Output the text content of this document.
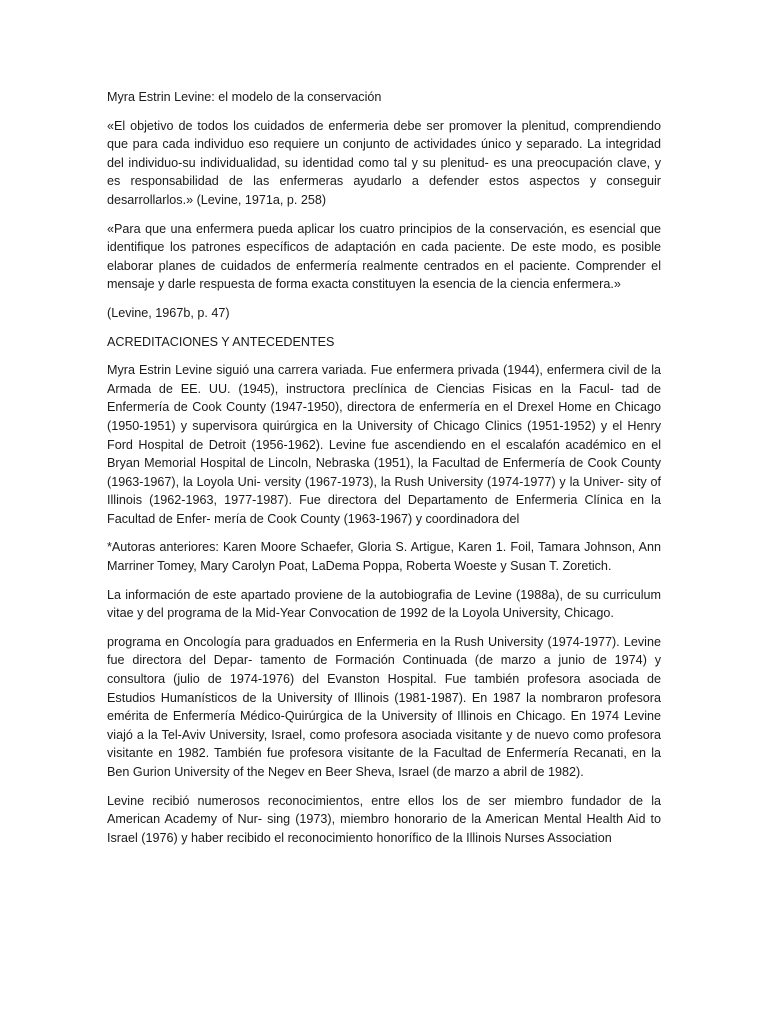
Myra Estrin Levine: el modelo de la conservación

«El objetivo de todos los cuidados de enfermeria debe ser promover la plenitud, comprendiendo que para cada individuo eso requiere un conjunto de actividades único y separado. La integridad del individuo-su individualidad, su identidad como tal y su plenitud- es una preocupación clave, y es responsabilidad de las enfermeras ayudarlo a defender estos aspectos y conseguir desarrollarlos.» (Levine, 1971a, p. 258)

«Para que una enfermera pueda aplicar los cuatro principios de la conservación, es esencial que identifique los patrones específicos de adaptación en cada paciente. De este modo, es posible elaborar planes de cuidados de enfermería realmente centrados en el paciente. Comprender el mensaje y darle respuesta de forma exacta constituyen la esencia de la ciencia enfermera.»

(Levine, 1967b, p. 47)

ACREDITACIONES Y ANTECEDENTES

Myra Estrin Levine siguió una carrera variada. Fue enfermera privada (1944), enfermera civil de la Armada de EE. UU. (1945), instructora preclínica de Ciencias Fisicas en la Facul- tad de Enfermería de Cook County (1947-1950), directora de enfermería en el Drexel Home en Chicago (1950-1951) y supervisora quirúrgica en la University of Chicago Clinics (1951-1952) y el Henry Ford Hospital de Detroit (1956-1962). Levine fue ascendiendo en el escalafón académico en el Bryan Memorial Hospital de Lincoln, Nebraska (1951), la Facultad de Enfermería de Cook County (1963-1967), la Loyola Uni- versity (1967-1973), la Rush University (1974-1977) y la Univer- sity of Illinois (1962-1963, 1977-1987). Fue directora del Departamento de Enfermeria Clínica en la Facultad de Enfer- mería de Cook County (1963-1967) y coordinadora del

*Autoras anteriores: Karen Moore Schaefer, Gloria S. Artigue, Karen 1. Foil, Tamara Johnson, Ann Marriner Tomey, Mary Carolyn Poat, LaDema Poppa, Roberta Woeste y Susan T. Zoretich.

La información de este apartado proviene de la autobiografia de Levine (1988a), de su curriculum vitae y del programa de la Mid-Year Convocation de 1992 de la Loyola University, Chicago.

programa en Oncología para graduados en Enfermeria en la Rush University (1974-1977). Levine fue directora del Depar- tamento de Formación Continuada (de marzo a junio de 1974) y consultora (julio de 1974-1976) del Evanston Hospital. Fue también profesora asociada de Estudios Humanísticos de la University of Illinois (1981-1987). En 1987 la nombraron profesora emérita de Enfermería Médico-Quirúrgica de la University of Illinois en Chicago. En 1974 Levine viajó a la Tel-Aviv University, Israel, como profesora asociada visitante y de nuevo como profesora visitante en 1982. También fue profesora visitante de la Facultad de Enfermería Recanati, en la Ben Gurion University of the Negev en Beer Sheva, Israel (de marzo a abril de 1982).

Levine recibió numerosos reconocimientos, entre ellos los de ser miembro fundador de la American Academy of Nur- sing (1973), miembro honorario de la American Mental Health Aid to Israel (1976) y haber recibido el reconocimiento honorífico de la Illinois Nurses Association
